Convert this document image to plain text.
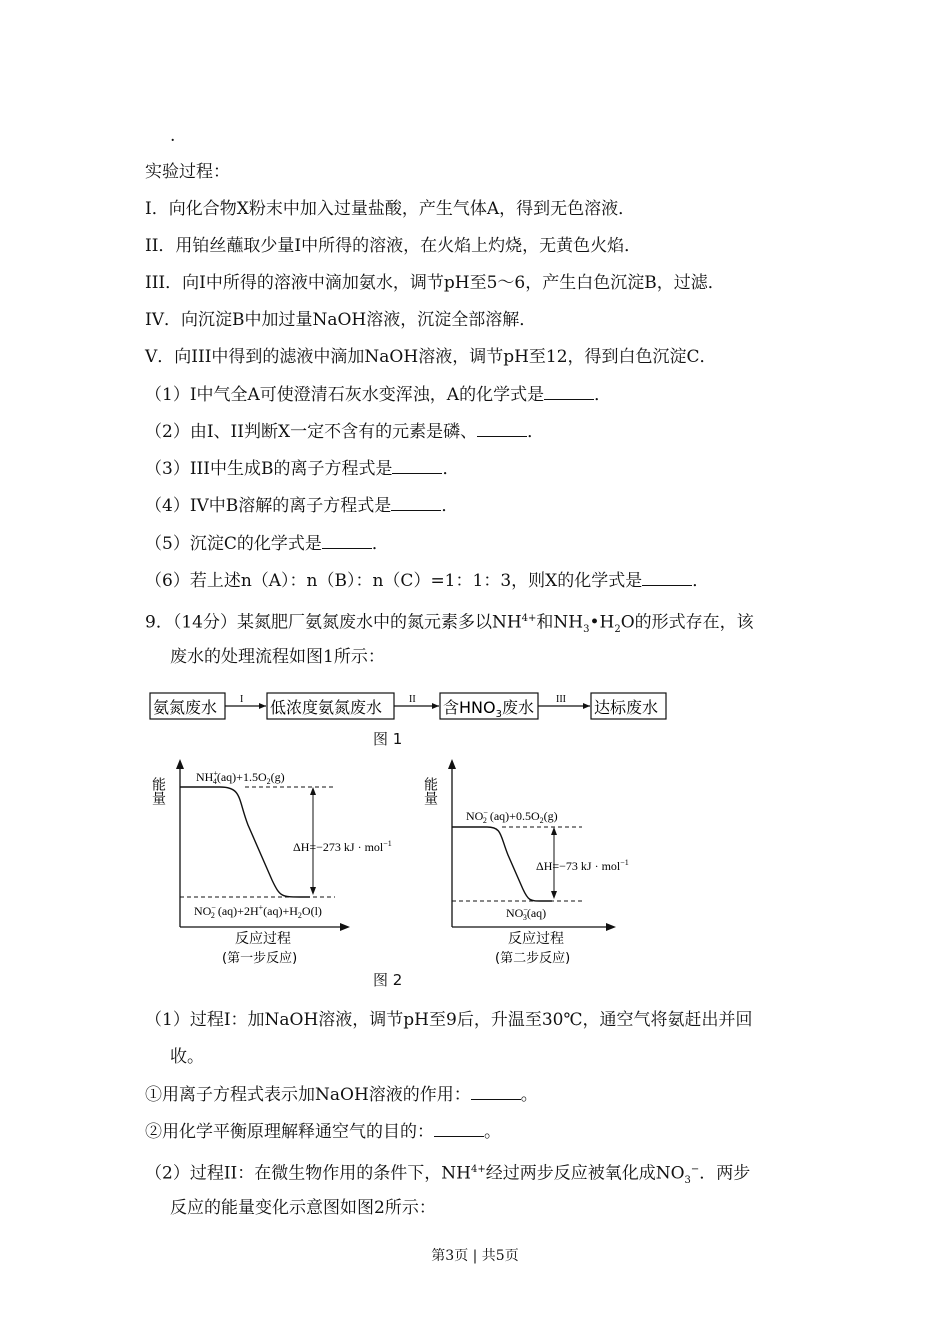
.
实验过程：
I．向化合物X粉末中加入过量盐酸，产生气体A，得到无色溶液．
II．用铂丝蘸取少量I中所得的溶液，在火焰上灼烧，无黄色火焰．
III．向I中所得的溶液中滴加氨水，调节pH至5～6，产生白色沉淀B，过滤．
IV．向沉淀B中加过量NaOH溶液，沉淀全部溶解．
V．向III中得到的滤液中滴加NaOH溶液，调节pH至12，得到白色沉淀C．
（1）I中气全A可使澄清石灰水变浑浊，A的化学式是	．
（2）由I、II判断X一定不含有的元素是磷、	．
（3）III中生成B的离子方程式是	．
（4）IV中B溶解的离子方程式是	．
（5）沉淀C的化学式是	．
（6）若上述n（A）：n（B）：n（C）=1：1：3，则X的化学式是	．
9．（14分）某氮肥厂氨氮废水中的氮元素多以$NH^{4+}$和$NH_3•H_2O$的形式存在，该
废水的处理流程如图1所示：
氨氮废水 I 低浓度氨氮废水	II 含$HNO_3$废水 III 达标废水
图 1
能量	NH+ $4(aq)+1.5O_2(g)$
ΔH=−273 kJ · mol$^{-1}$
NO− 2 $(aq)+2H^+(aq)+H_2O(l)$
反应过程
(第一步反应)
能量
NO− 2 $(aq)+0.5O_2(g)$
ΔH=−73 kJ · mol$^{-1}$
NO− 3(aq)
反应过程
(第二步反应)
图 2
（1）过程I：加NaOH溶液，调节pH至9后，升温至30℃，通空气将氨赶出并回
收。
①用离子方程式表示加NaOH溶液的作用：	。
②用化学平衡原理解释通空气的目的：	。
（2）过程II：在微生物作用的条件下，$NH^{4+}$经过两步反应被氧化成$NO_3^-$．两步
反应的能量变化示意图如图2所示：
第3页 | 共5页
